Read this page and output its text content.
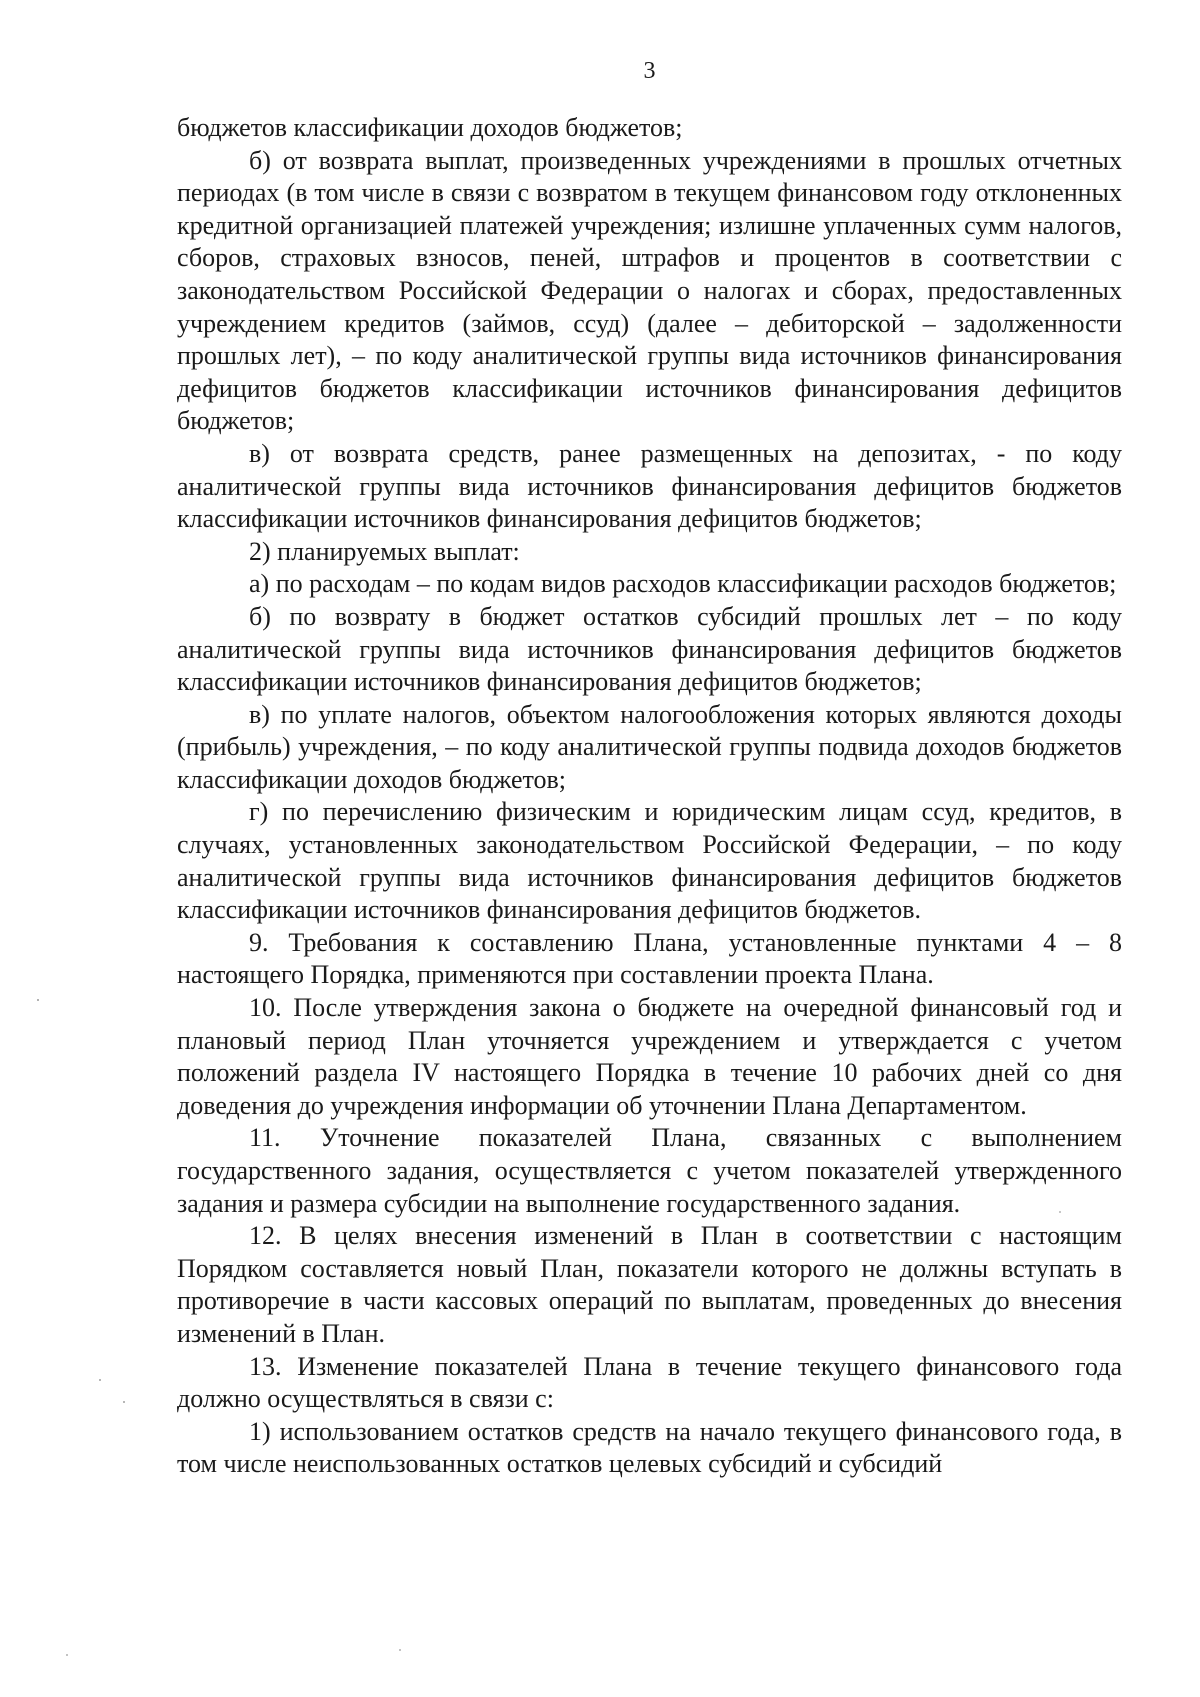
3

бюджетов классификации доходов бюджетов;

б) от возврата выплат, произведенных учреждениями в прошлых отчетных периодах (в том числе в связи с возвратом в текущем финансовом году отклоненных кредитной организацией платежей учреждения; излишне уплаченных сумм налогов, сборов, страховых взносов, пеней, штрафов и процентов в соответствии с законодательством Российской Федерации о налогах и сборах, предоставленных учреждением кредитов (займов, ссуд) (далее – дебиторской – задолженности прошлых лет), – по коду аналитической группы вида источников финансирования дефицитов бюджетов классификации источников финансирования дефицитов бюджетов;

в) от возврата средств, ранее размещенных на депозитах, - по коду аналитической группы вида источников финансирования дефицитов бюджетов классификации источников финансирования дефицитов бюджетов;

2) планируемых выплат:

а) по расходам – по кодам видов расходов классификации расходов бюджетов;

б) по возврату в бюджет остатков субсидий прошлых лет – по коду аналитической группы вида источников финансирования дефицитов бюджетов классификации источников финансирования дефицитов бюджетов;

в) по уплате налогов, объектом налогообложения которых являются доходы (прибыль) учреждения, – по коду аналитической группы подвида доходов бюджетов классификации доходов бюджетов;

г) по перечислению физическим и юридическим лицам ссуд, кредитов, в случаях, установленных законодательством Российской Федерации, – по коду аналитической группы вида источников финансирования дефицитов бюджетов классификации источников финансирования дефицитов бюджетов.

9. Требования к составлению Плана, установленные пунктами 4 – 8 настоящего Порядка, применяются при составлении проекта Плана.

10. После утверждения закона о бюджете на очередной финансовый год и плановый период План уточняется учреждением и утверждается с учетом положений раздела IV настоящего Порядка в течение 10 рабочих дней со дня доведения до учреждения информации об уточнении Плана Департаментом.

11. Уточнение показателей Плана, связанных с выполнением государственного задания, осуществляется с учетом показателей утвержденного задания и размера субсидии на выполнение государственного задания.

12. В целях внесения изменений в План в соответствии с настоящим Порядком составляется новый План, показатели которого не должны вступать в противоречие в части кассовых операций по выплатам, проведенных до внесения изменений в План.

13. Изменение показателей Плана в течение текущего финансового года должно осуществляться в связи с:

1) использованием остатков средств на начало текущего финансового года, в том числе неиспользованных остатков целевых субсидий и субсидий
